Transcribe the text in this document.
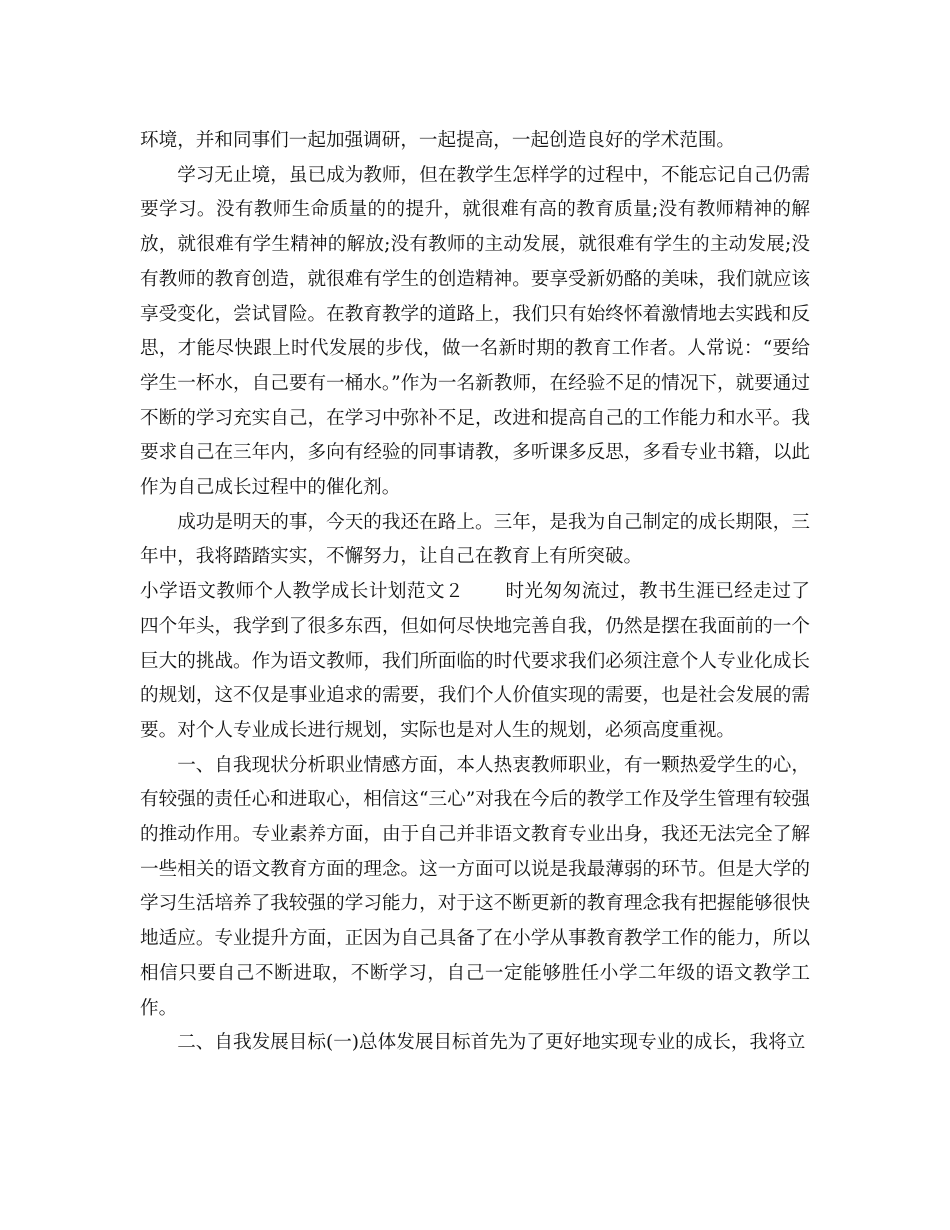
环境，并和同事们一起加强调研，一起提高，一起创造良好的学术范围。

学习无止境，虽已成为教师，但在教学生怎样学的过程中，不能忘记自己仍需要学习。没有教师生命质量的的提升，就很难有高的教育质量;没有教师精神的解放，就很难有学生精神的解放;没有教师的主动发展，就很难有学生的主动发展;没有教师的教育创造，就很难有学生的创造精神。要享受新奶酪的美味，我们就应该享受变化，尝试冒险。在教育教学的道路上，我们只有始终怀着激情地去实践和反思，才能尽快跟上时代发展的步伐，做一名新时期的教育工作者。人常说：“要给学生一杯水，自己要有一桶水。”作为一名新教师，在经验不足的情况下，就要通过不断的学习充实自己，在学习中弥补不足，改进和提高自己的工作能力和水平。我要求自己在三年内，多向有经验的同事请教，多听课多反思，多看专业书籍，以此作为自己成长过程中的催化剂。

成功是明天的事，今天的我还在路上。三年，是我为自己制定的成长期限，三年中，我将踏踏实实，不懈努力，让自己在教育上有所突破。

小学语文教师个人教学成长计划范文２ 时光匆匆流过，教书生涯已经走过了四个年头，我学到了很多东西，但如何尽快地完善自我，仍然是摆在我面前的一个巨大的挑战。作为语文教师，我们所面临的时代要求我们必须注意个人专业化成长的规划，这不仅是事业追求的需要，我们个人价值实现的需要，也是社会发展的需要。对个人专业成长进行规划，实际也是对人生的规划，必须高度重视。

一、自我现状分析职业情感方面，本人热衷教师职业，有一颗热爱学生的心，有较强的责任心和进取心，相信这“三心”对我在今后的教学工作及学生管理有较强的推动作用。专业素养方面，由于自己并非语文教育专业出身，我还无法完全了解一些相关的语文教育方面的理念。这一方面可以说是我最薄弱的环节。但是大学的学习生活培养了我较强的学习能力，对于这不断更新的教育理念我有把握能够很快地适应。专业提升方面，正因为自己具备了在小学从事教育教学工作的能力，所以相信只要自己不断进取，不断学习，自己一定能够胜任小学二年级的语文教学工作。

二、自我发展目标(一)总体发展目标首先为了更好地实现专业的成长，我将立
